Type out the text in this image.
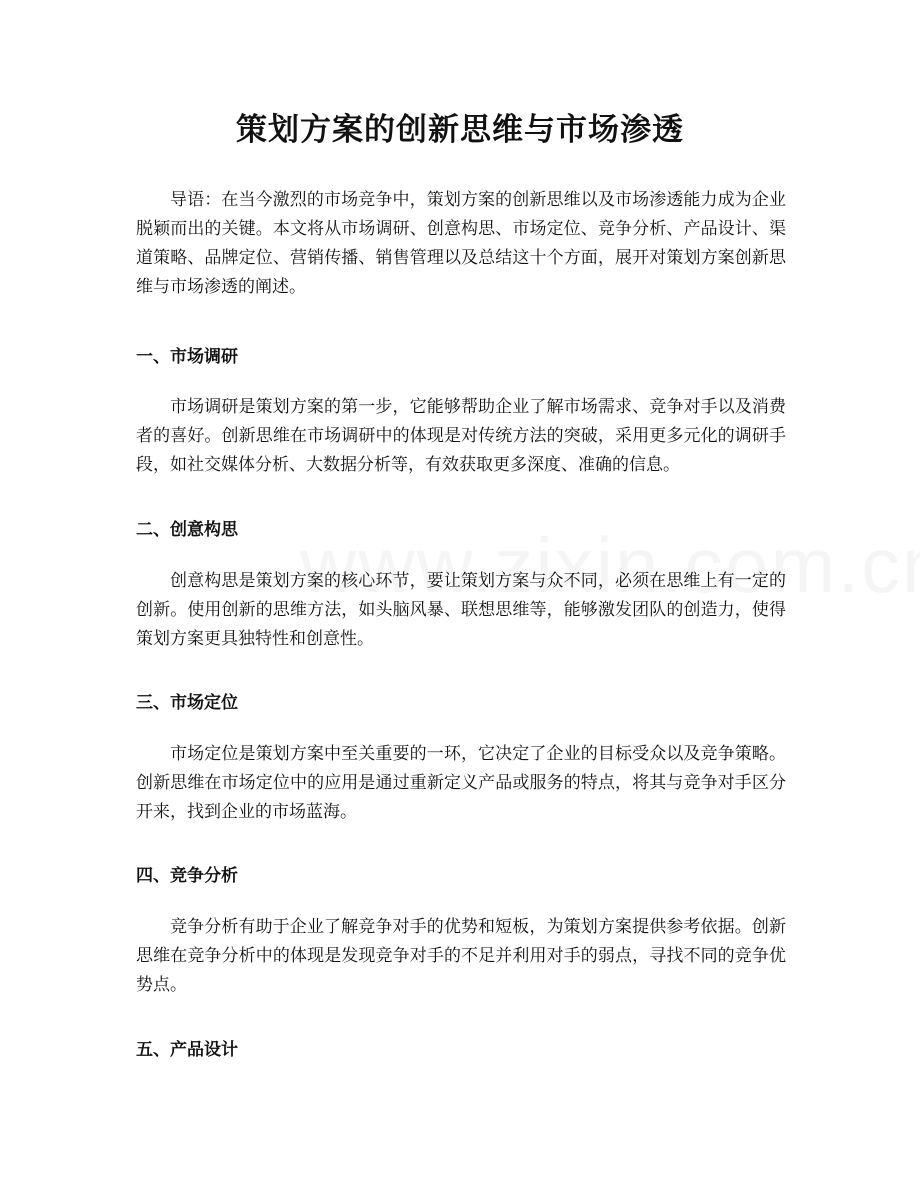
策划方案的创新思维与市场渗透
导语：在当今激烈的市场竞争中，策划方案的创新思维以及市场渗透能力成为企业脱颖而出的关键。本文将从市场调研、创意构思、市场定位、竞争分析、产品设计、渠道策略、品牌定位、营销传播、销售管理以及总结这十个方面，展开对策划方案创新思维与市场渗透的阐述。
一、市场调研
市场调研是策划方案的第一步，它能够帮助企业了解市场需求、竞争对手以及消费者的喜好。创新思维在市场调研中的体现是对传统方法的突破，采用更多元化的调研手段，如社交媒体分析、大数据分析等，有效获取更多深度、准确的信息。
二、创意构思
创意构思是策划方案的核心环节，要让策划方案与众不同，必须在思维上有一定的创新。使用创新的思维方法，如头脑风暴、联想思维等，能够激发团队的创造力，使得策划方案更具独特性和创意性。
三、市场定位
市场定位是策划方案中至关重要的一环，它决定了企业的目标受众以及竞争策略。创新思维在市场定位中的应用是通过重新定义产品或服务的特点，将其与竞争对手区分开来，找到企业的市场蓝海。
四、竞争分析
竞争分析有助于企业了解竞争对手的优势和短板，为策划方案提供参考依据。创新思维在竞争分析中的体现是发现竞争对手的不足并利用对手的弱点，寻找不同的竞争优势点。
五、产品设计
